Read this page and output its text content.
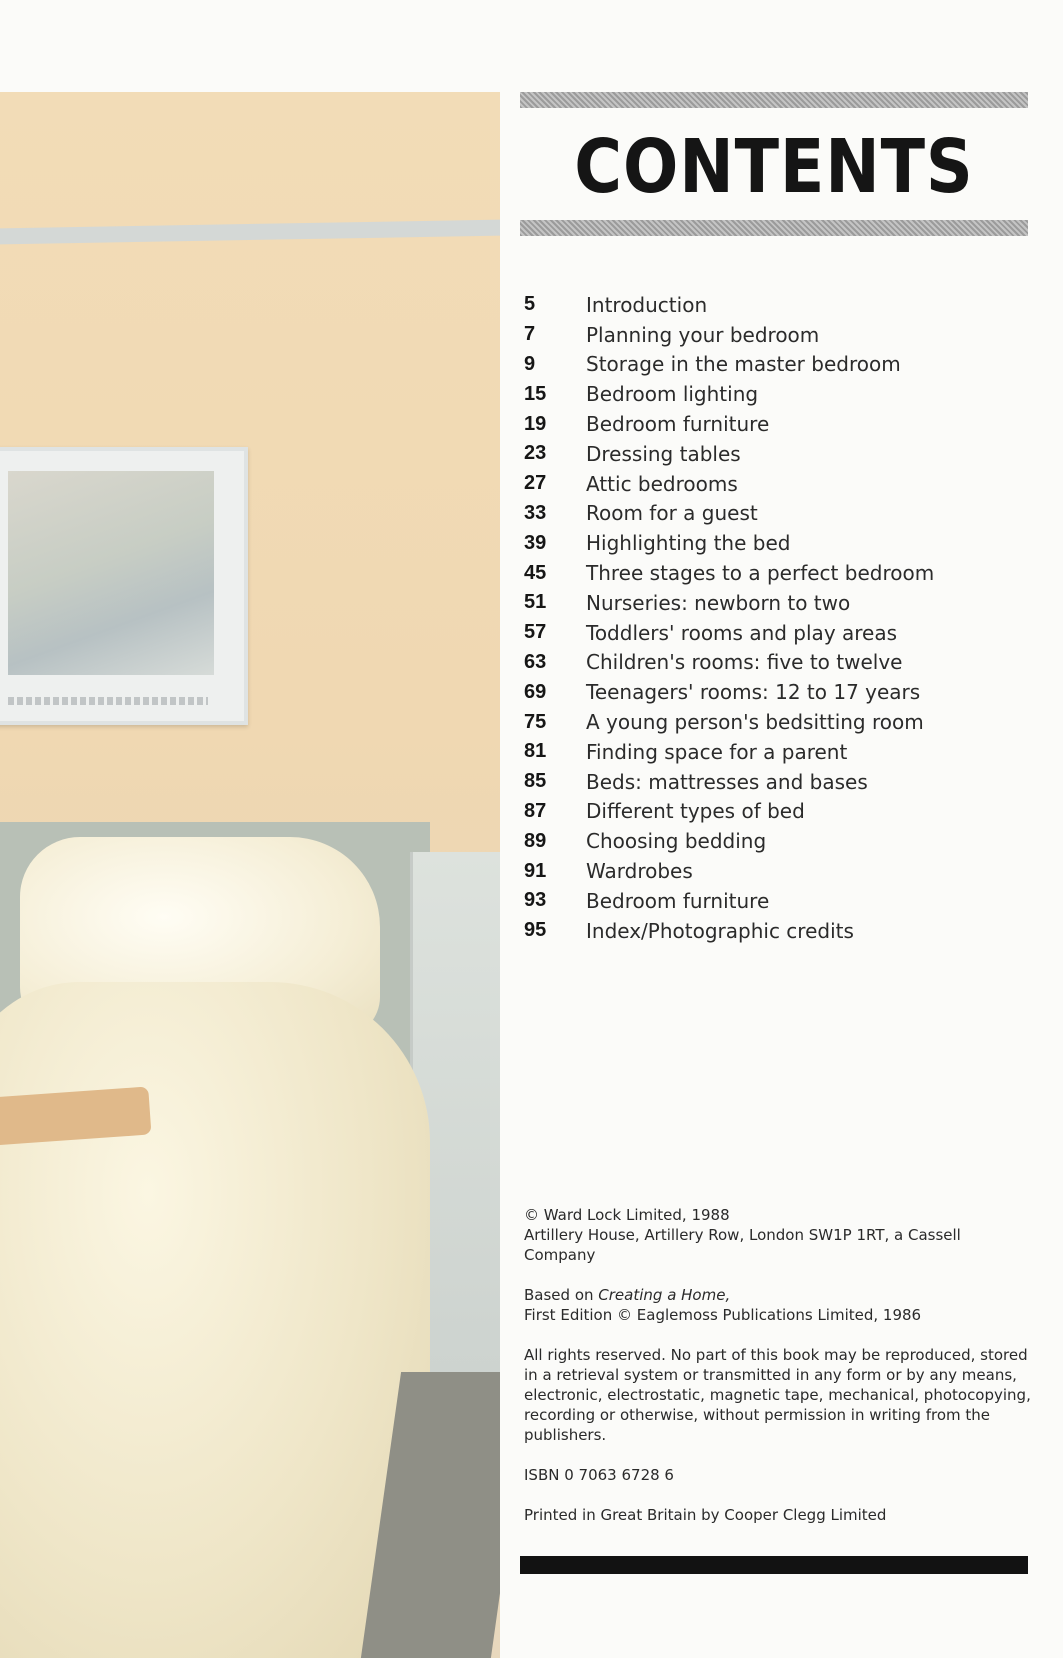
CONTENTS
5	Introduction
7	Planning your bedroom
9	Storage in the master bedroom
15	Bedroom lighting
19	Bedroom furniture
23	Dressing tables
27	Attic bedrooms
33	Room for a guest
39	Highlighting the bed
45	Three stages to a perfect bedroom
51	Nurseries: newborn to two
57	Toddlers' rooms and play areas
63	Children's rooms: five to twelve
69	Teenagers' rooms: 12 to 17 years
75	A young person's bedsitting room
81	Finding space for a parent
85	Beds: mattresses and bases
87	Different types of bed
89	Choosing bedding
91	Wardrobes
93	Bedroom furniture
95	Index/Photographic credits

© Ward Lock Limited, 1988

Artillery House, Artillery Row, London SW1P 1RT, a Cassell Company

Based on Creating a Home,

First Edition © Eaglemoss Publications Limited, 1986

All rights reserved. No part of this book may be reproduced, stored in a retrieval system or transmitted in any form or by any means, electronic, electrostatic, magnetic tape, mechanical, photocopying, recording or otherwise, without permission in writing from the publishers.

ISBN 0 7063 6728 6

Printed in Great Britain by Cooper Clegg Limited
